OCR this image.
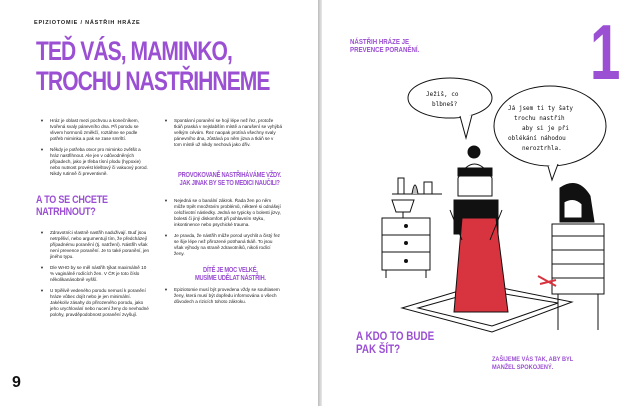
EPIZIOTOMIE / NÁSTŘIH HRÁZE
TEĎ VÁS, MAMINKO,
TROCHU NASTŘIHNEME
▼ Hráz je oblast mezi pochvou a konečníkem, tvořená svaly pánevního dna. Při porodu se vlivem hormonů změkčí, roztáhne se podle potřeb miminka a pak se zase smrští.
▼ Někdy je potřeba otvor pro miminko zvětšit a hráz nastřihnout. Ale jen v odůvodněných případech, jako je třeba tísní plodu (hypoxie) nebo nutnost provést kleštový či vakuový porod. Nikdy rutinně či preventivně.
A TO SE CHCETE
NATRHNOUT?
▼ Zdravotníci vlastně nastřih naduživají. Buď jsou netrpěliví, nebo argumentují tím, že předcházejí případnému poranění (tj. natržení). Nástřih však není prevence poranění. Je to také poranění, jen jiného typu.
▼ Dle WHO by se měl nástřih týkat maximálně 10 % vaginálně rodících žen. V ČR je toto číslo několikanásobně vyšší.
▼ U trpělivě vedeného porodu nemusí k poranění hráze vůbec dojít nebo je jen minimální. Jakékoliv zásahy do přirozeného porodu, jako jeho urychlování nebo nucení ženy do nevhodné polohy, pravděpodobnost poranění zvyšují.
▼ Spontánní poranění se hojí lépe než řez, protože tkáň praská v nejslabším místě a narušení se vyhýbá velkým cévám. Řez naopak protíná všechny svaly pánevního dna, zůstává po něm jizva a tkáň se v tom místě už nikdy nechová jako dřív.
PROVOKOVANĚ NASTŘIHÁVÁME VŽDY.
JAK JINAK BY SE TO MEDICI NAUČILI?
▼ Nejedná se o banální zákrok. Řada žen po něm může trpět množstvím problémů, některé si odnášejí celoživotní následky. Jedná se typicky o bolesti jizvy, bolesti či jiný diskomfort při pohlavním styku, inkontinence nebo psychické trauma.
▼ Je pravda, že nástřih může porod urychlit a čistý řez se šije lépe než přirozené potrhaná tkáň. To jsou však výhody na straně zdravotníků, nikoli rodící ženy.
DÍTĚ JE MOC VELKÉ,
MUSÍME UDĚLAT NÁSTŘIH.
▼ Epiziotomie musí být provedena vždy se souhlasem ženy, která musí být dopředu informována o všech důvodech a rizicích tohoto zákroku.
9
NÁSTŘIH HRÁZE JE
PREVENCE PORANĚNÍ. 1
Ježiš, co
blbneš?
Já jsem ti ty šaty
trochu nastřih
aby si je při
oblékání náhodou
neroztrhla.
A KDO TO BUDE
PAK ŠÍT?
ZAŠIJEME VÁS TAK, ABY BYL
MANŽEL SPOKOJENÝ.
